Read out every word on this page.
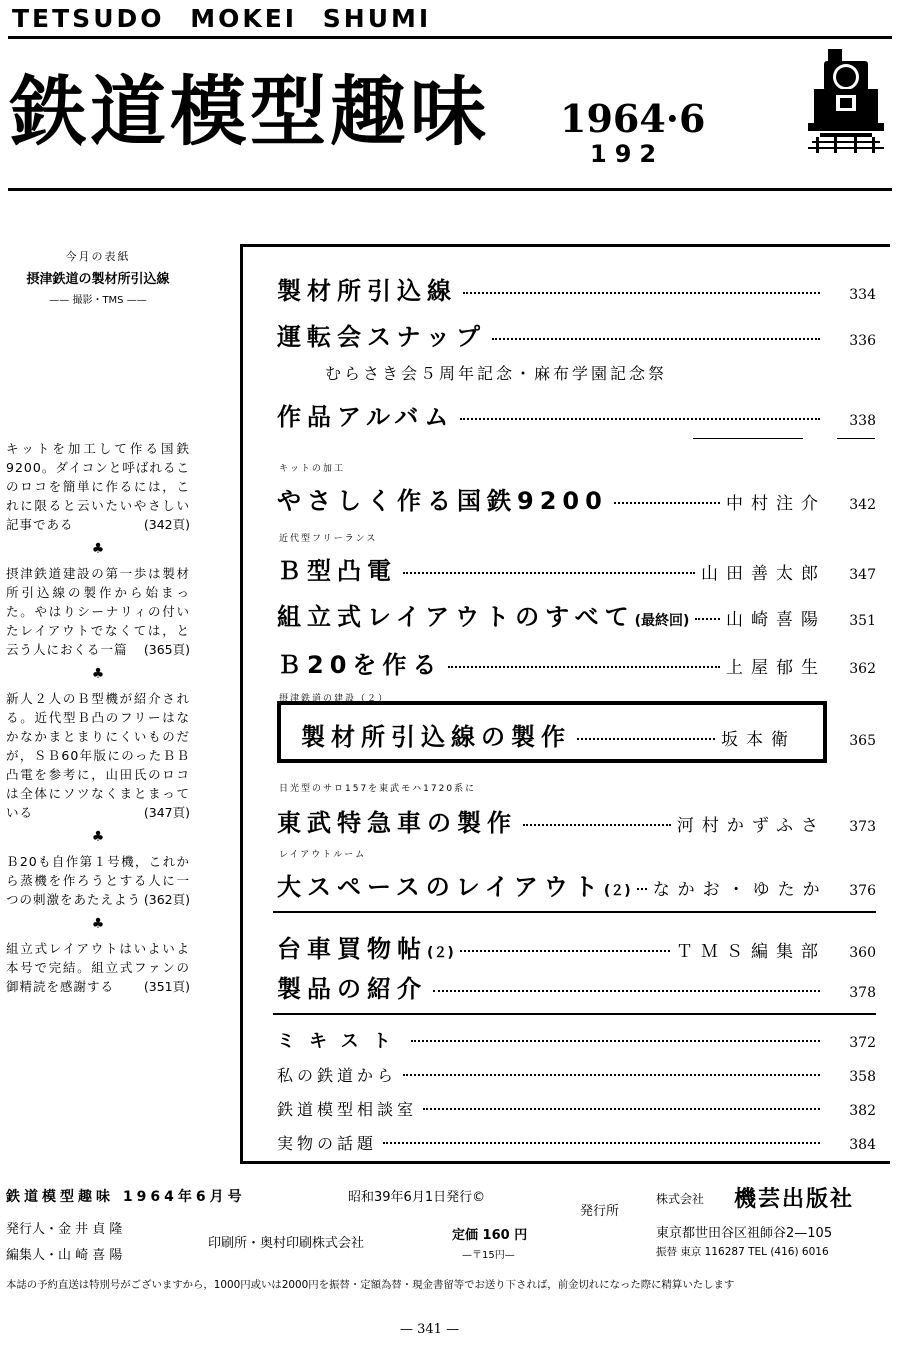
TETSUDO MOKEI SHUMI
鉄道模型趣味 1964·6
192
今月の表紙
摂津鉄道の製材所引込線
—— 撮影・TMS ——

キットを加工して作る国鉄9200。ダイコンと呼ばれるこのロコを簡単に作るには，これに限ると云いたいやさしい記事である	(342頁)

♣

摂津鉄道建設の第一歩は製材所引込線の製作から始まった。やはりシーナリィの付いたレイアウトでなくては，と云う人におくる一篇 (365頁)

♣

新人２人のＢ型機が紹介される。近代型Ｂ凸のフリーはなかなかまとまりにくいものだが，ＳＢ60年版にのったＢＢ凸電を参考に，山田氏のロコは全体にソツなくまとまっている	(347頁)

♣

Ｂ20も自作第１号機，これから蒸機を作ろうとする人に一つの刺激をあたえよう (362頁)

♣

組立式レイアウトはいよいよ本号で完結。組立式ファンの御精読を感謝する (351頁)

製材所引込線	334
運転会スナップ	336
むらさき会５周年記念・麻布学園記念祭
作品アルバム	338
キットの加工
やさしく作る国鉄9200	中村注介	342
近代型フリーランス
Ｂ型凸電	山田善太郎	347
組立式レイアウトのすべて (最終回) 山崎喜陽	351
Ｂ20を作る	上屋郁生	362
摂津鉄道の建設（２）
製材所引込線の製作	坂本衛	365
日光型のサロ157を東武モハ1720系に
東武特急車の製作	河村かずふさ	373
レイアウトルーム
大スペースのレイアウト (２) なかお・ゆたか	376
台車買物帖 (２)	ＴＭＳ編集部	360
製品の紹介	378
ミキスト	372
私の鉄道から	358
鉄道模型相談室	382
実物の話題	384
鉄道模型趣味 1964年6月号	昭和39年6月1日発行©
発行所
株式会社 機芸出版社
発行人・金 井 貞 隆
編集人・山 崎 喜 陽
印刷所・奥村印刷株式会社
定価 160 円
—〒15円—
東京都世田谷区祖師谷2—105
振替 東京 116287 TEL (416) 6016
本誌の予約直送は特別号がございますから，1000円或いは2000円を振替・定額為替・現金書留等でお送り下されば，前金切れになった際に精算いたします
— 341 —
